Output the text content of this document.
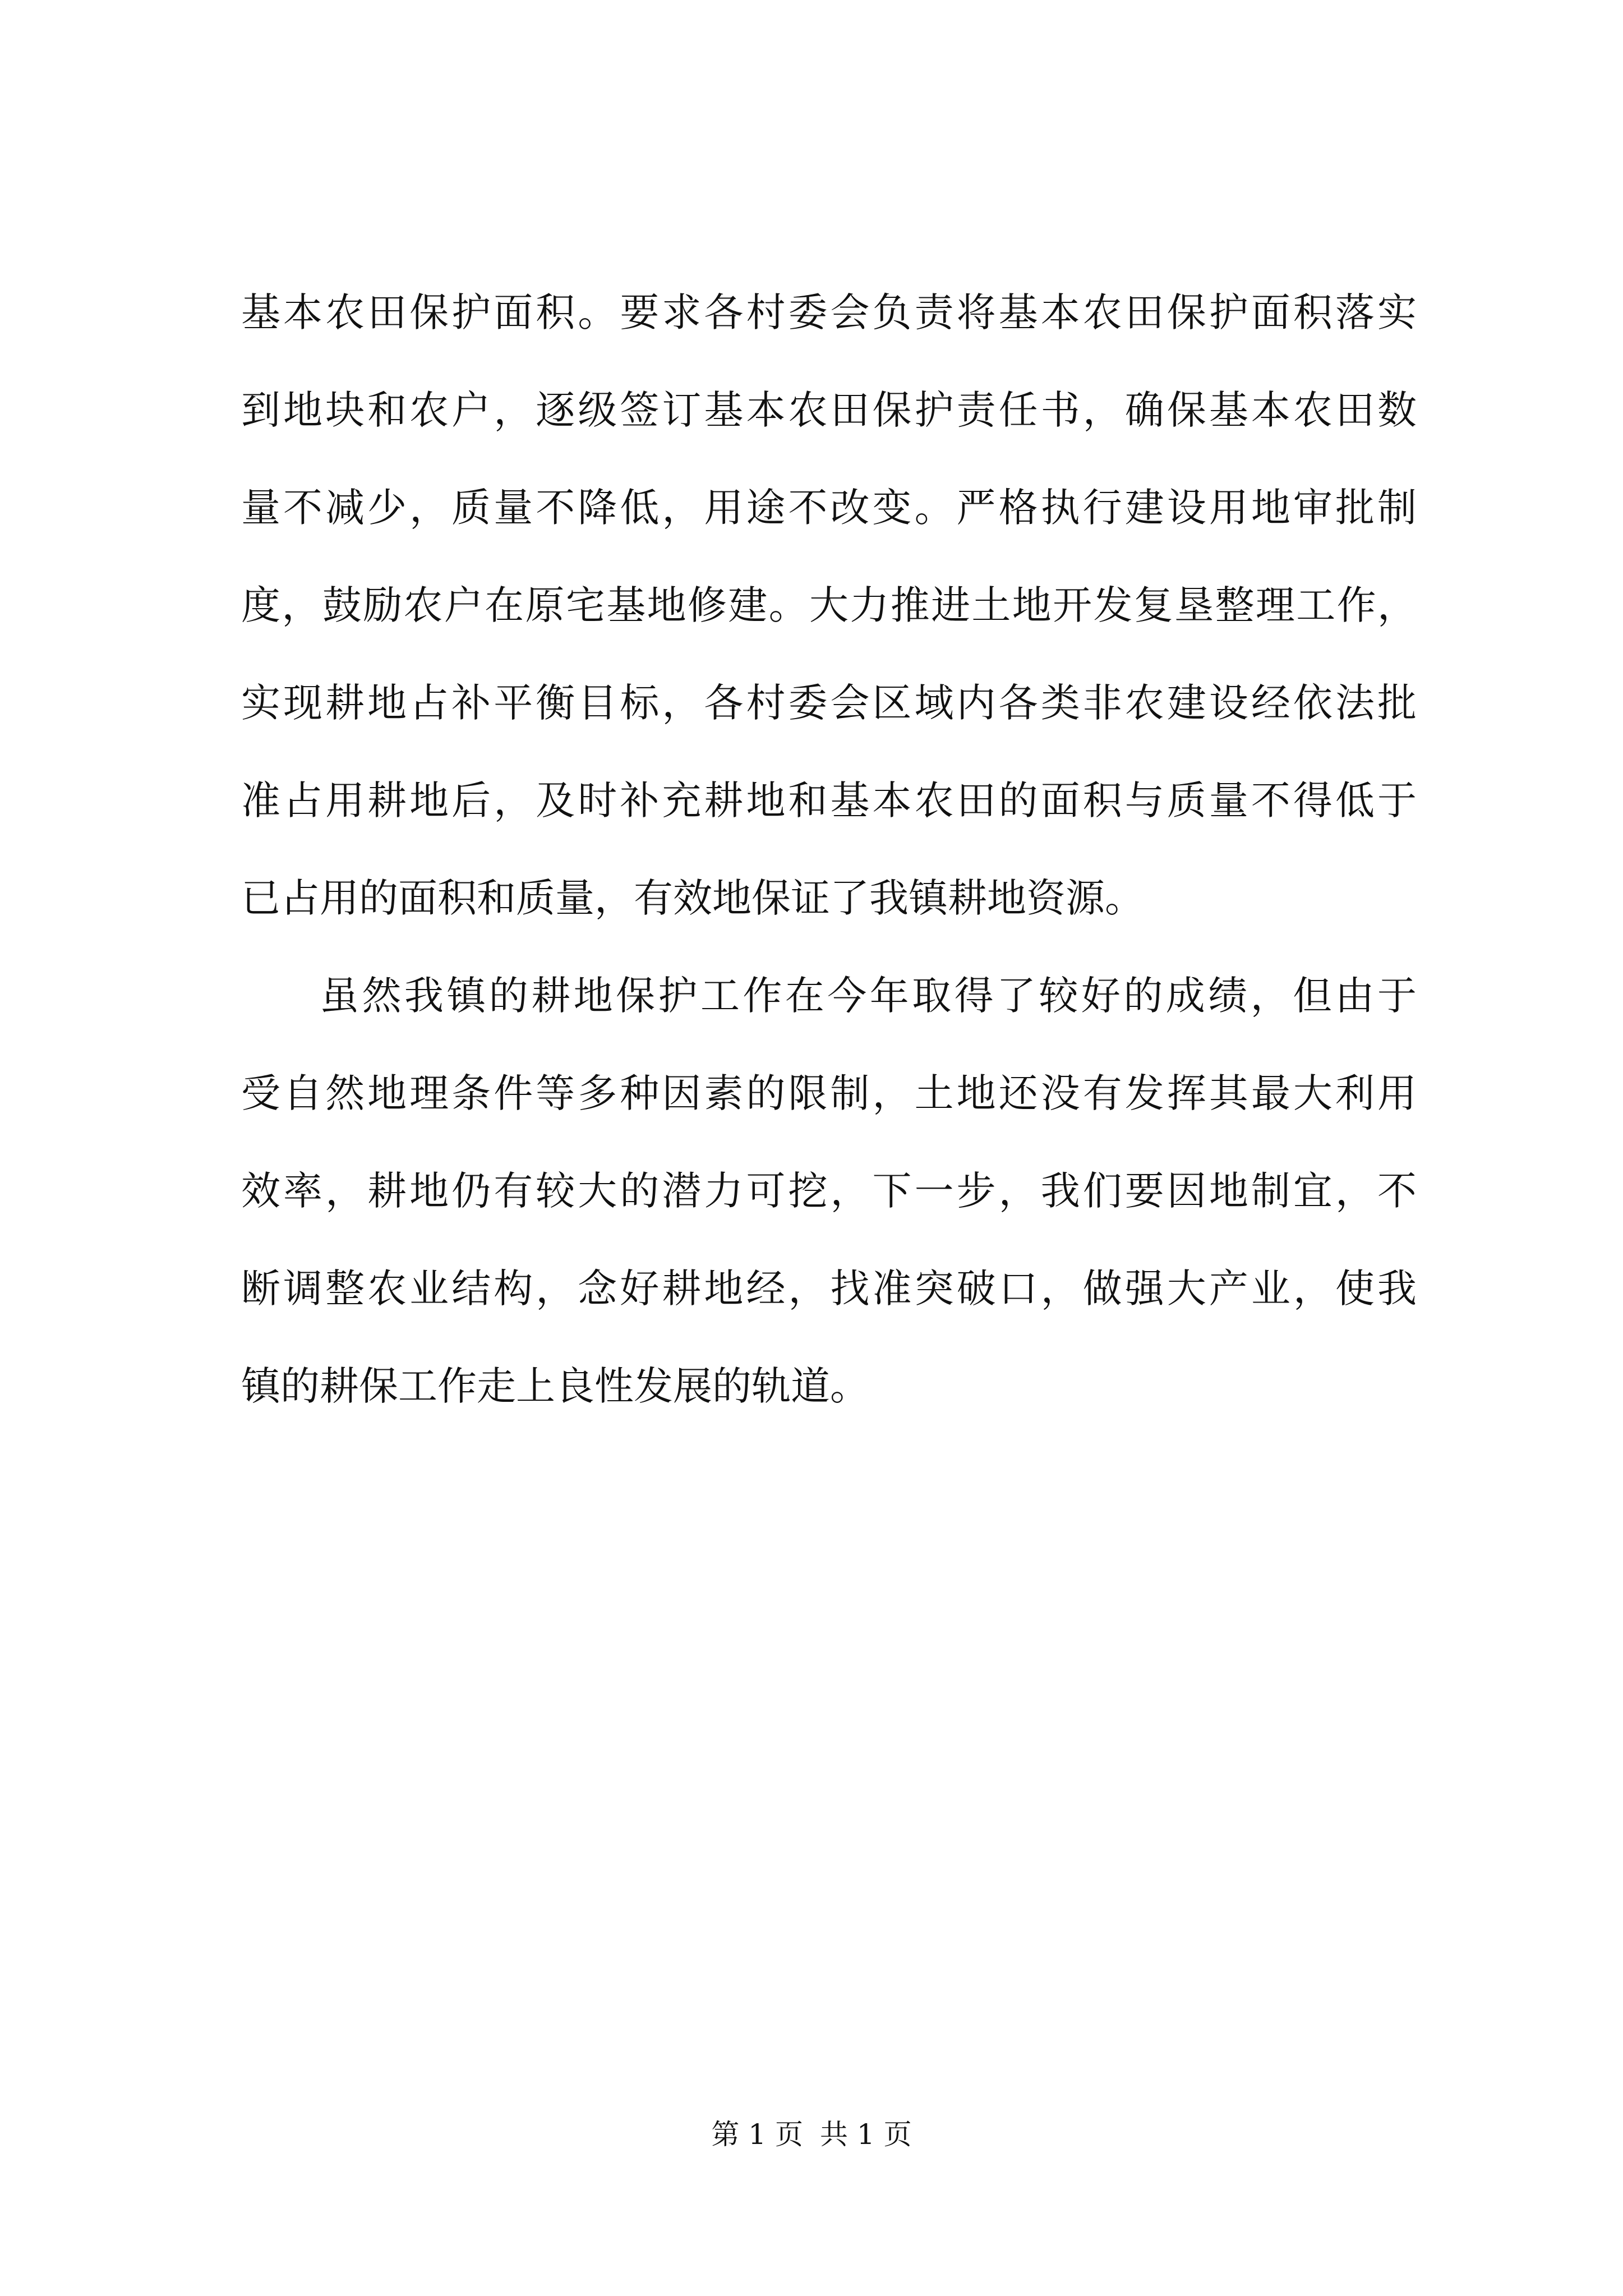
基本农田保护面积。要求各村委会负责将基本农田保护面积落实
到地块和农户，逐级签订基本农田保护责任书，确保基本农田数
量不减少，质量不降低，用途不改变。严格执行建设用地审批制
度，鼓励农户在原宅基地修建。大力推进土地开发复垦整理工作，
实现耕地占补平衡目标，各村委会区域内各类非农建设经依法批
准占用耕地后，及时补充耕地和基本农田的面积与质量不得低于
已占用的面积和质量，有效地保证了我镇耕地资源。
虽然我镇的耕地保护工作在今年取得了较好的成绩，但由于
受自然地理条件等多种因素的限制，土地还没有发挥其最大利用
效率，耕地仍有较大的潜力可挖，下一步，我们要因地制宜，不
断调整农业结构，念好耕地经，找准突破口，做强大产业，使我
镇的耕保工作走上良性发展的轨道。
第 1 页 共 1 页
